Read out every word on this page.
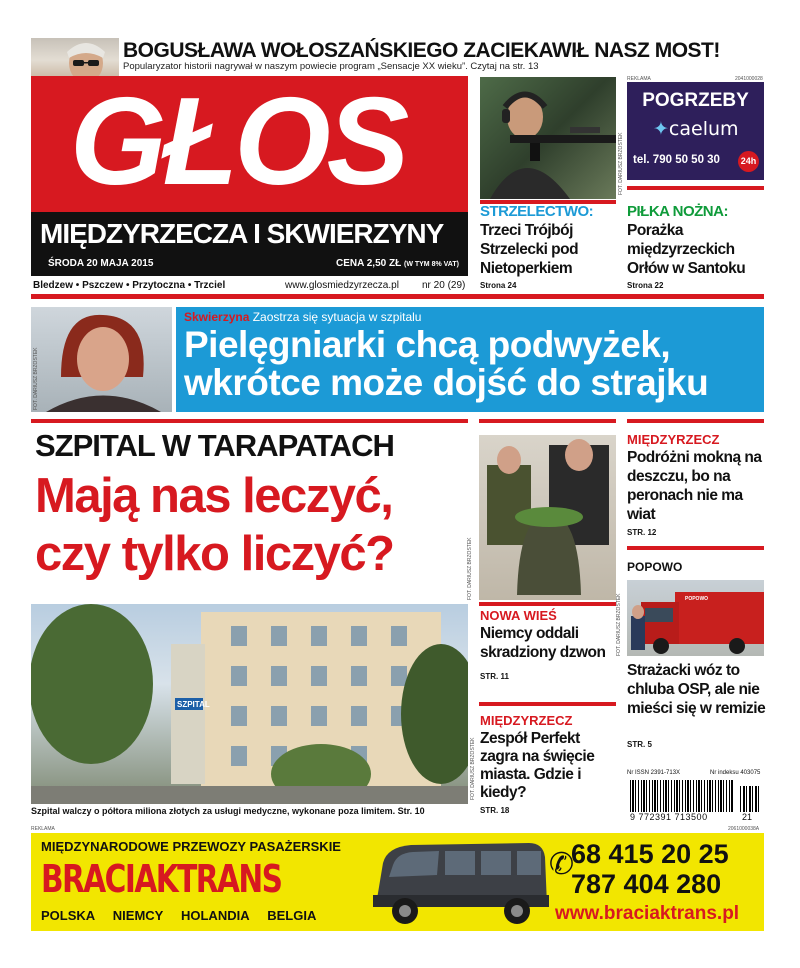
BOGUSŁAWA WOŁOSZAŃSKIEGO ZACIEKAWIŁ NASZ MOST!
Popularyzator historii nagrywał w naszym powiecie program „Sensacje XX wieku”. Czytaj na str. 13
GŁOS
MIĘDZYRZECZA I SKWIERZYNY
ŚRODA 20 MAJA 2015	CENA 2,50 ZŁ (W TYM 8% VAT)
Bledzew • Pszczew • Przytoczna • Trzciel	www.glosmiedzyrzecza.pl nr 20 (29)
FOT. DARIUSZ BRZOSTEK
STRZELECTWO:
Trzeci Trójbój Strzelecki pod Nietoperkiem
Strona 24
REKLAMA	2041000028
POGRZEBY
✦caelum
tel. 790 50 50 30	24h
PIŁKA NOŻNA:
Porażka międzyrzeckich Orłów w Santoku
Strona 22
FOT. DARIUSZ BRZOSTEK
Skwierzyna Zaostrza się sytuacja w szpitalu
Pielęgniarki chcą podwyżek,
wkrótce może dojść do strajku
SZPITAL W TARAPATACH
Mają nas leczyć,
czy tylko liczyć?
SZPITAL
FOT. DARIUSZ BRZOSTEK
Szpital walczy o półtora miliona złotych za usługi medyczne, wykonane poza limitem. Str. 10
FOT. DARIUSZ BRZOSTEK
NOWA WIEŚ
Niemcy oddali skradziony dzwon
STR. 11
MIĘDZYRZECZ
Zespół Perfekt zagra na święcie miasta. Gdzie i kiedy?
STR. 18
MIĘDZYRZECZ
Podróżni mokną na deszczu, bo na peronach nie ma wiat
STR. 12
POPOWO
POPOWO
FOT. DARIUSZ BRZOSTEK
Strażacki wóz to chluba OSP, ale nie mieści się w remizie
STR. 5
Nr ISSN 2391-713X	Nr indeksu 403075
9 772391 713500	21
REKLAMA	2061000038A
MIĘDZYNARODOWE PRZEWOZY PASAŻERSKIE
BRACIAKTRANS
POLSKA NIEMCY HOLANDIA BELGIA
✆
68 415 20 25
787 404 280
www.braciaktrans.pl
